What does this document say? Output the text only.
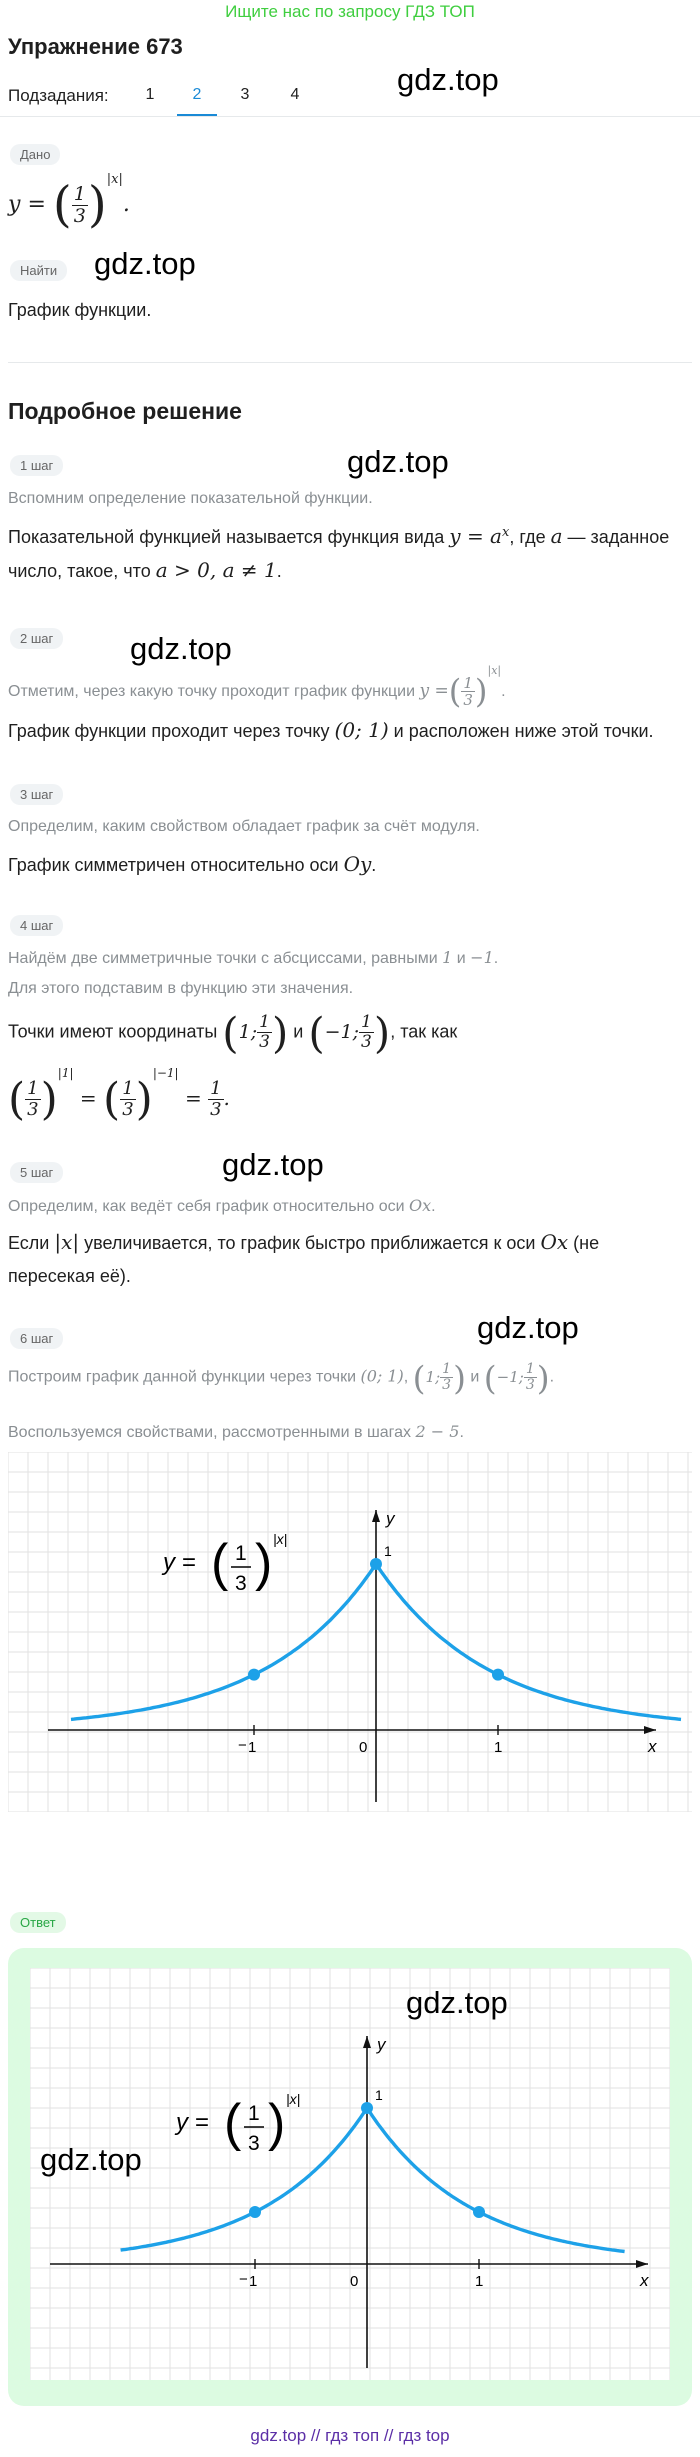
Ищите нас по запросу ГДЗ ТОП
Упражнение 673
gdz.top
gdz.top
gdz.top
gdz.top
gdz.top
gdz.top
Подзадания:	1	2	3	4
Дано
y = ( $\frac{1}{3} )^{|x|}$.
Найти
График функции.
Подробное решение
1 шаг
Вспомним определение показательной функции.
Показательной функцией называется функция вида $y = a^x$, где a — заданное
число, такое, что a > 0, a ≠ 1.
2 шаг
Отметим, через какую точку проходит график функции y =( $\frac{1}{3} )^{|x|}$.
График функции проходит через точку (0; 1) и расположен ниже этой точки.
3 шаг
Определим, каким свойством обладает график за счёт модуля.
График симметричен относительно оси Oy.
4 шаг
Найдём две симметричные точки с абсциссами, равными 1 и −1.
Для этого подставим в функцию эти значения.
Точки имеют координаты (1; $\frac{1}{3}$ ) и (−1; $\frac{1}{3}$ ), так как
( $\frac{1}{3} )^{|1|}$ = ( $\frac{1}{3} )^{|-1|} = \frac{1}{3}$ .
5 шаг
Определим, как ведёт себя график относительно оси Ox.
Если |x| увеличивается, то график быстро приближается к оси Ox (не
пересекая её).
6 шаг
Построим график данной функции через точки (0; 1), (1; $\frac{1}{3}$ ) и (−1; $\frac{1}{3}$ ).
Воспользуемся свойствами, рассмотренными в шагах 2 − 5.
x
y
0	1
− 1
1
y = ( 1
3 ) |x|
Ответ
x
y
0	1
− 1
1
y = ( 1
3 ) |x|
gdz.top
gdz.top
gdz.top // гдз топ // гдз top
